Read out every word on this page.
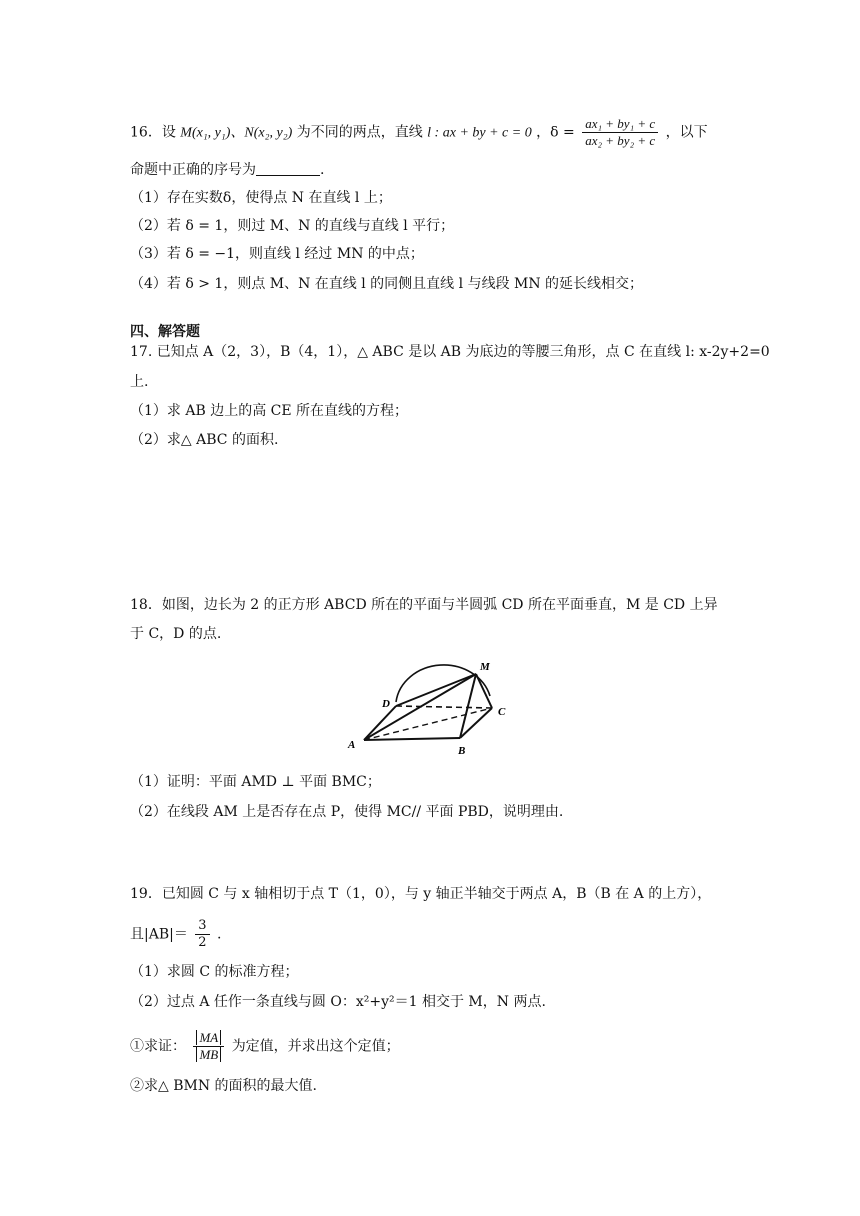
16．设 M(x₁, y₁)、N(x₂, y₂) 为不同的两点，直线 l : ax + by + c = 0 ，$\delta = \frac{\text{ax₁ + by₁ + c}}{\text{ax₂ + by₂ + c}}$ ，以下
命题中正确的序号为	.
（1）存在实数δ，使得点 N 在直线 l 上；
（2）若 δ = 1，则过 M、N 的直线与直线 l 平行；
（3）若 δ = −1，则直线 l 经过 MN 的中点；
（4）若 δ > 1，则点 M、N 在直线 l 的同侧且直线 l 与线段 MN 的延长线相交；
四、解答题
17. 已知点 A（2，3），B（4，1），△ ABC 是以 AB 为底边的等腰三角形，点 C 在直线 l: x-2y+2=0
上.
（1）求 AB 边上的高 CE 所在直线的方程；
（2）求△ ABC 的面积.
18．如图，边长为 2 的正方形 ABCD 所在的平面与半圆弧 CD 所在平面垂直，M 是 CD 上异
于 C，D 的点.
M
D
C
A	B
（1）证明：平面 AMD ⊥ 平面 BMC；
（2）在线段 AM 上是否存在点 P，使得 MC// 平面 PBD，说明理由.
19．已知圆 C 与 x 轴相切于点 T（1，0），与 y 轴正半轴交于两点 A，B（B 在 A 的上方），
且$|AB|= \frac{3}{2}$ .
（1）求圆 C 的标准方程；
（2）过点 A 任作一条直线与圆 O：x²+y²＝1 相交于 M，N 两点.
①求证： $\frac{MA}{MB}$ 为定值，并求出这个定值；
②求△ BMN 的面积的最大值.
